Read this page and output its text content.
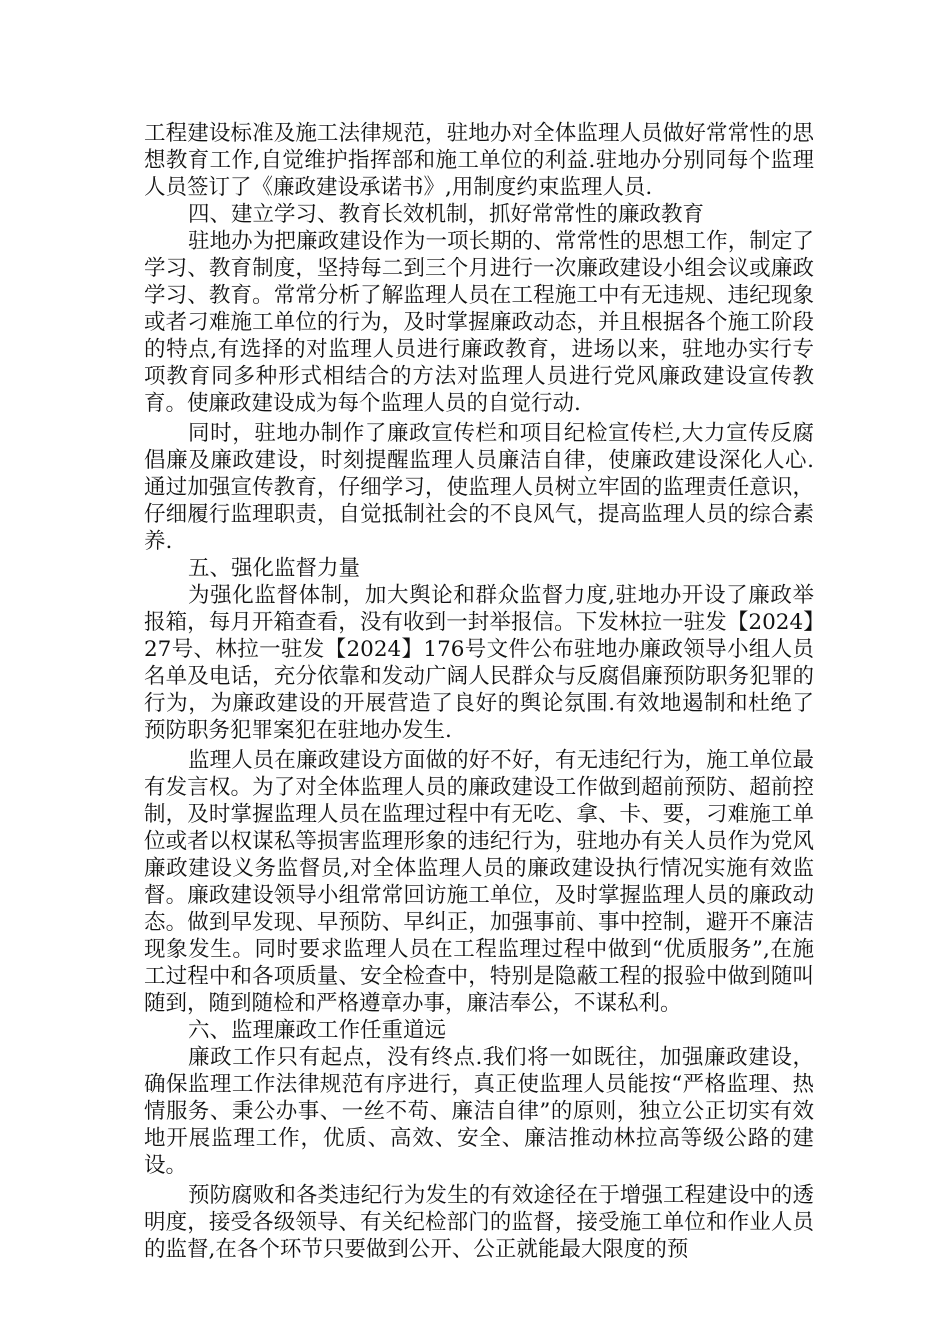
工程建设标准及施工法律规范，驻地办对全体监理人员做好常常性的思想教育工作,自觉维护指挥部和施工单位的利益.驻地办分别同每个监理人员签订了《廉政建设承诺书》,用制度约束监理人员.

四、建立学习、教育长效机制，抓好常常性的廉政教育

驻地办为把廉政建设作为一项长期的、常常性的思想工作，制定了学习、教育制度，坚持每二到三个月进行一次廉政建设小组会议或廉政学习、教育。常常分析了解监理人员在工程施工中有无违规、违纪现象或者刁难施工单位的行为，及时掌握廉政动态，并且根据各个施工阶段的特点,有选择的对监理人员进行廉政教育，进场以来，驻地办实行专项教育同多种形式相结合的方法对监理人员进行党风廉政建设宣传教育。使廉政建设成为每个监理人员的自觉行动.

同时，驻地办制作了廉政宣传栏和项目纪检宣传栏,大力宣传反腐倡廉及廉政建设，时刻提醒监理人员廉洁自律，使廉政建设深化人心.通过加强宣传教育，仔细学习，使监理人员树立牢固的监理责任意识，仔细履行监理职责，自觉抵制社会的不良风气，提高监理人员的综合素养.

五、强化监督力量

为强化监督体制，加大舆论和群众监督力度,驻地办开设了廉政举报箱，每月开箱查看，没有收到一封举报信。下发林拉一驻发【2024】27号、林拉一驻发【2024】176号文件公布驻地办廉政领导小组人员名单及电话，充分依靠和发动广阔人民群众与反腐倡廉预防职务犯罪的行为，为廉政建设的开展营造了良好的舆论氛围.有效地遏制和杜绝了预防职务犯罪案犯在驻地办发生.

监理人员在廉政建设方面做的好不好，有无违纪行为，施工单位最有发言权。为了对全体监理人员的廉政建设工作做到超前预防、超前控制，及时掌握监理人员在监理过程中有无吃、拿、卡、要，刁难施工单位或者以权谋私等损害监理形象的违纪行为，驻地办有关人员作为党风廉政建设义务监督员,对全体监理人员的廉政建设执行情况实施有效监督。廉政建设领导小组常常回访施工单位，及时掌握监理人员的廉政动态。做到早发现、早预防、早纠正，加强事前、事中控制，避开不廉洁现象发生。同时要求监理人员在工程监理过程中做到“优质服务”,在施工过程中和各项质量、安全检查中，特别是隐蔽工程的报验中做到随叫随到，随到随检和严格遵章办事，廉洁奉公，不谋私利。

六、监理廉政工作任重道远

廉政工作只有起点，没有终点.我们将一如既往，加强廉政建设，确保监理工作法律规范有序进行，真正使监理人员能按“严格监理、热情服务、秉公办事、一丝不苟、廉洁自律”的原则，独立公正切实有效地开展监理工作，优质、高效、安全、廉洁推动林拉高等级公路的建设。

预防腐败和各类违纪行为发生的有效途径在于增强工程建设中的透明度，接受各级领导、有关纪检部门的监督，接受施工单位和作业人员的监督,在各个环节只要做到公开、公正就能最大限度的预
